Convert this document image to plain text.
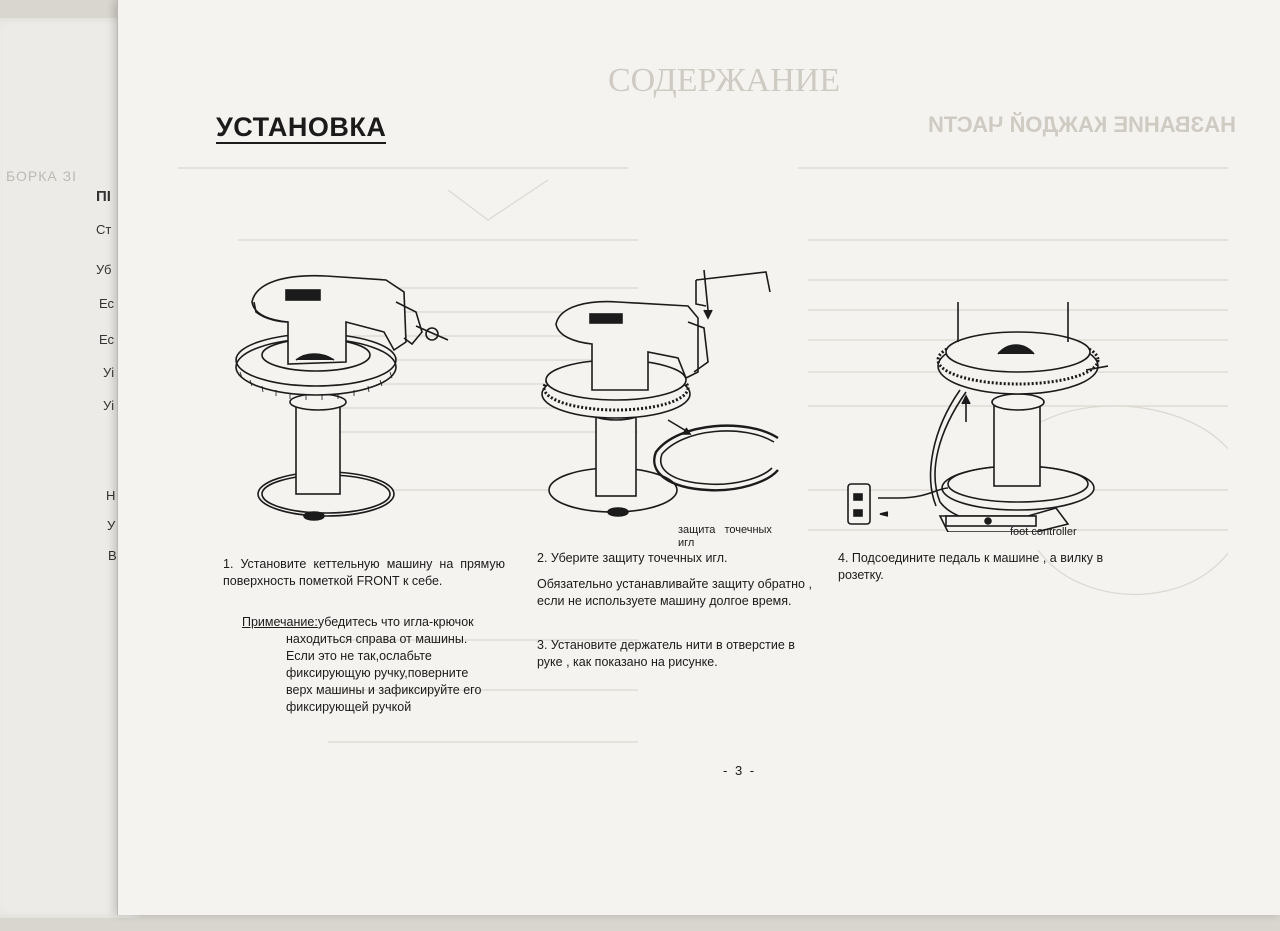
БОРКА ЗІ
ПІ
Ст
Уб
Ес
Ес
Уі
Уі
Н
У
В
СОДЕРЖАНИЕ
НАЗВАНИЕ КАЖДОЙ ЧАСТИ
УСТАНОВКА
защита точечных игл
foot controller
1. Установите кеттельную машину на прямую поверхность пометкой FRONT к себе.

Примечание:убедитесь что игла-крючок

находиться справа от машины.

Если это не так,ослабьте

фиксирующую ручку,поверните

верх машины и зафиксируйте его

фиксирующей ручкой

2. Уберите защиту точечных игл.
Обязательно устанавливайте защиту обратно , если не используете машину долгое время.
3. Установите держатель нити в отверстие в руке , как показано на рисунке.
4. Подсоедините педаль к машине , а вилку в розетку.
- 3 -
